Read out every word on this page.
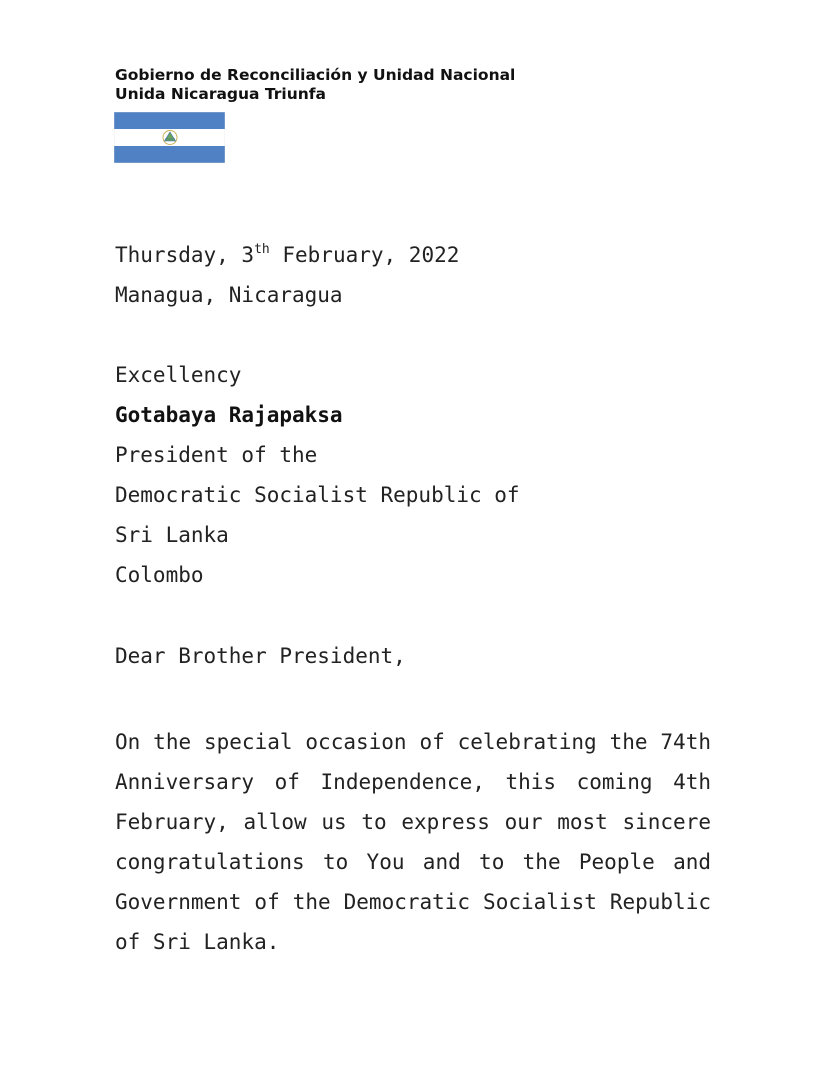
Gobierno de Reconciliación y Unidad Nacional
Unida Nicaragua Triunfa
Thursday, 3th February, 2022
Managua, Nicaragua
Excellency
Gotabaya Rajapaksa
President of the
Democratic Socialist Republic of
Sri Lanka
Colombo
Dear Brother President,
On the special occasion of celebrating the 74th Anniversary of Independence, this coming 4th February, allow us to express our most sincere congratulations to You and to the People and Government of the Democratic Socialist Republic of Sri Lanka.
